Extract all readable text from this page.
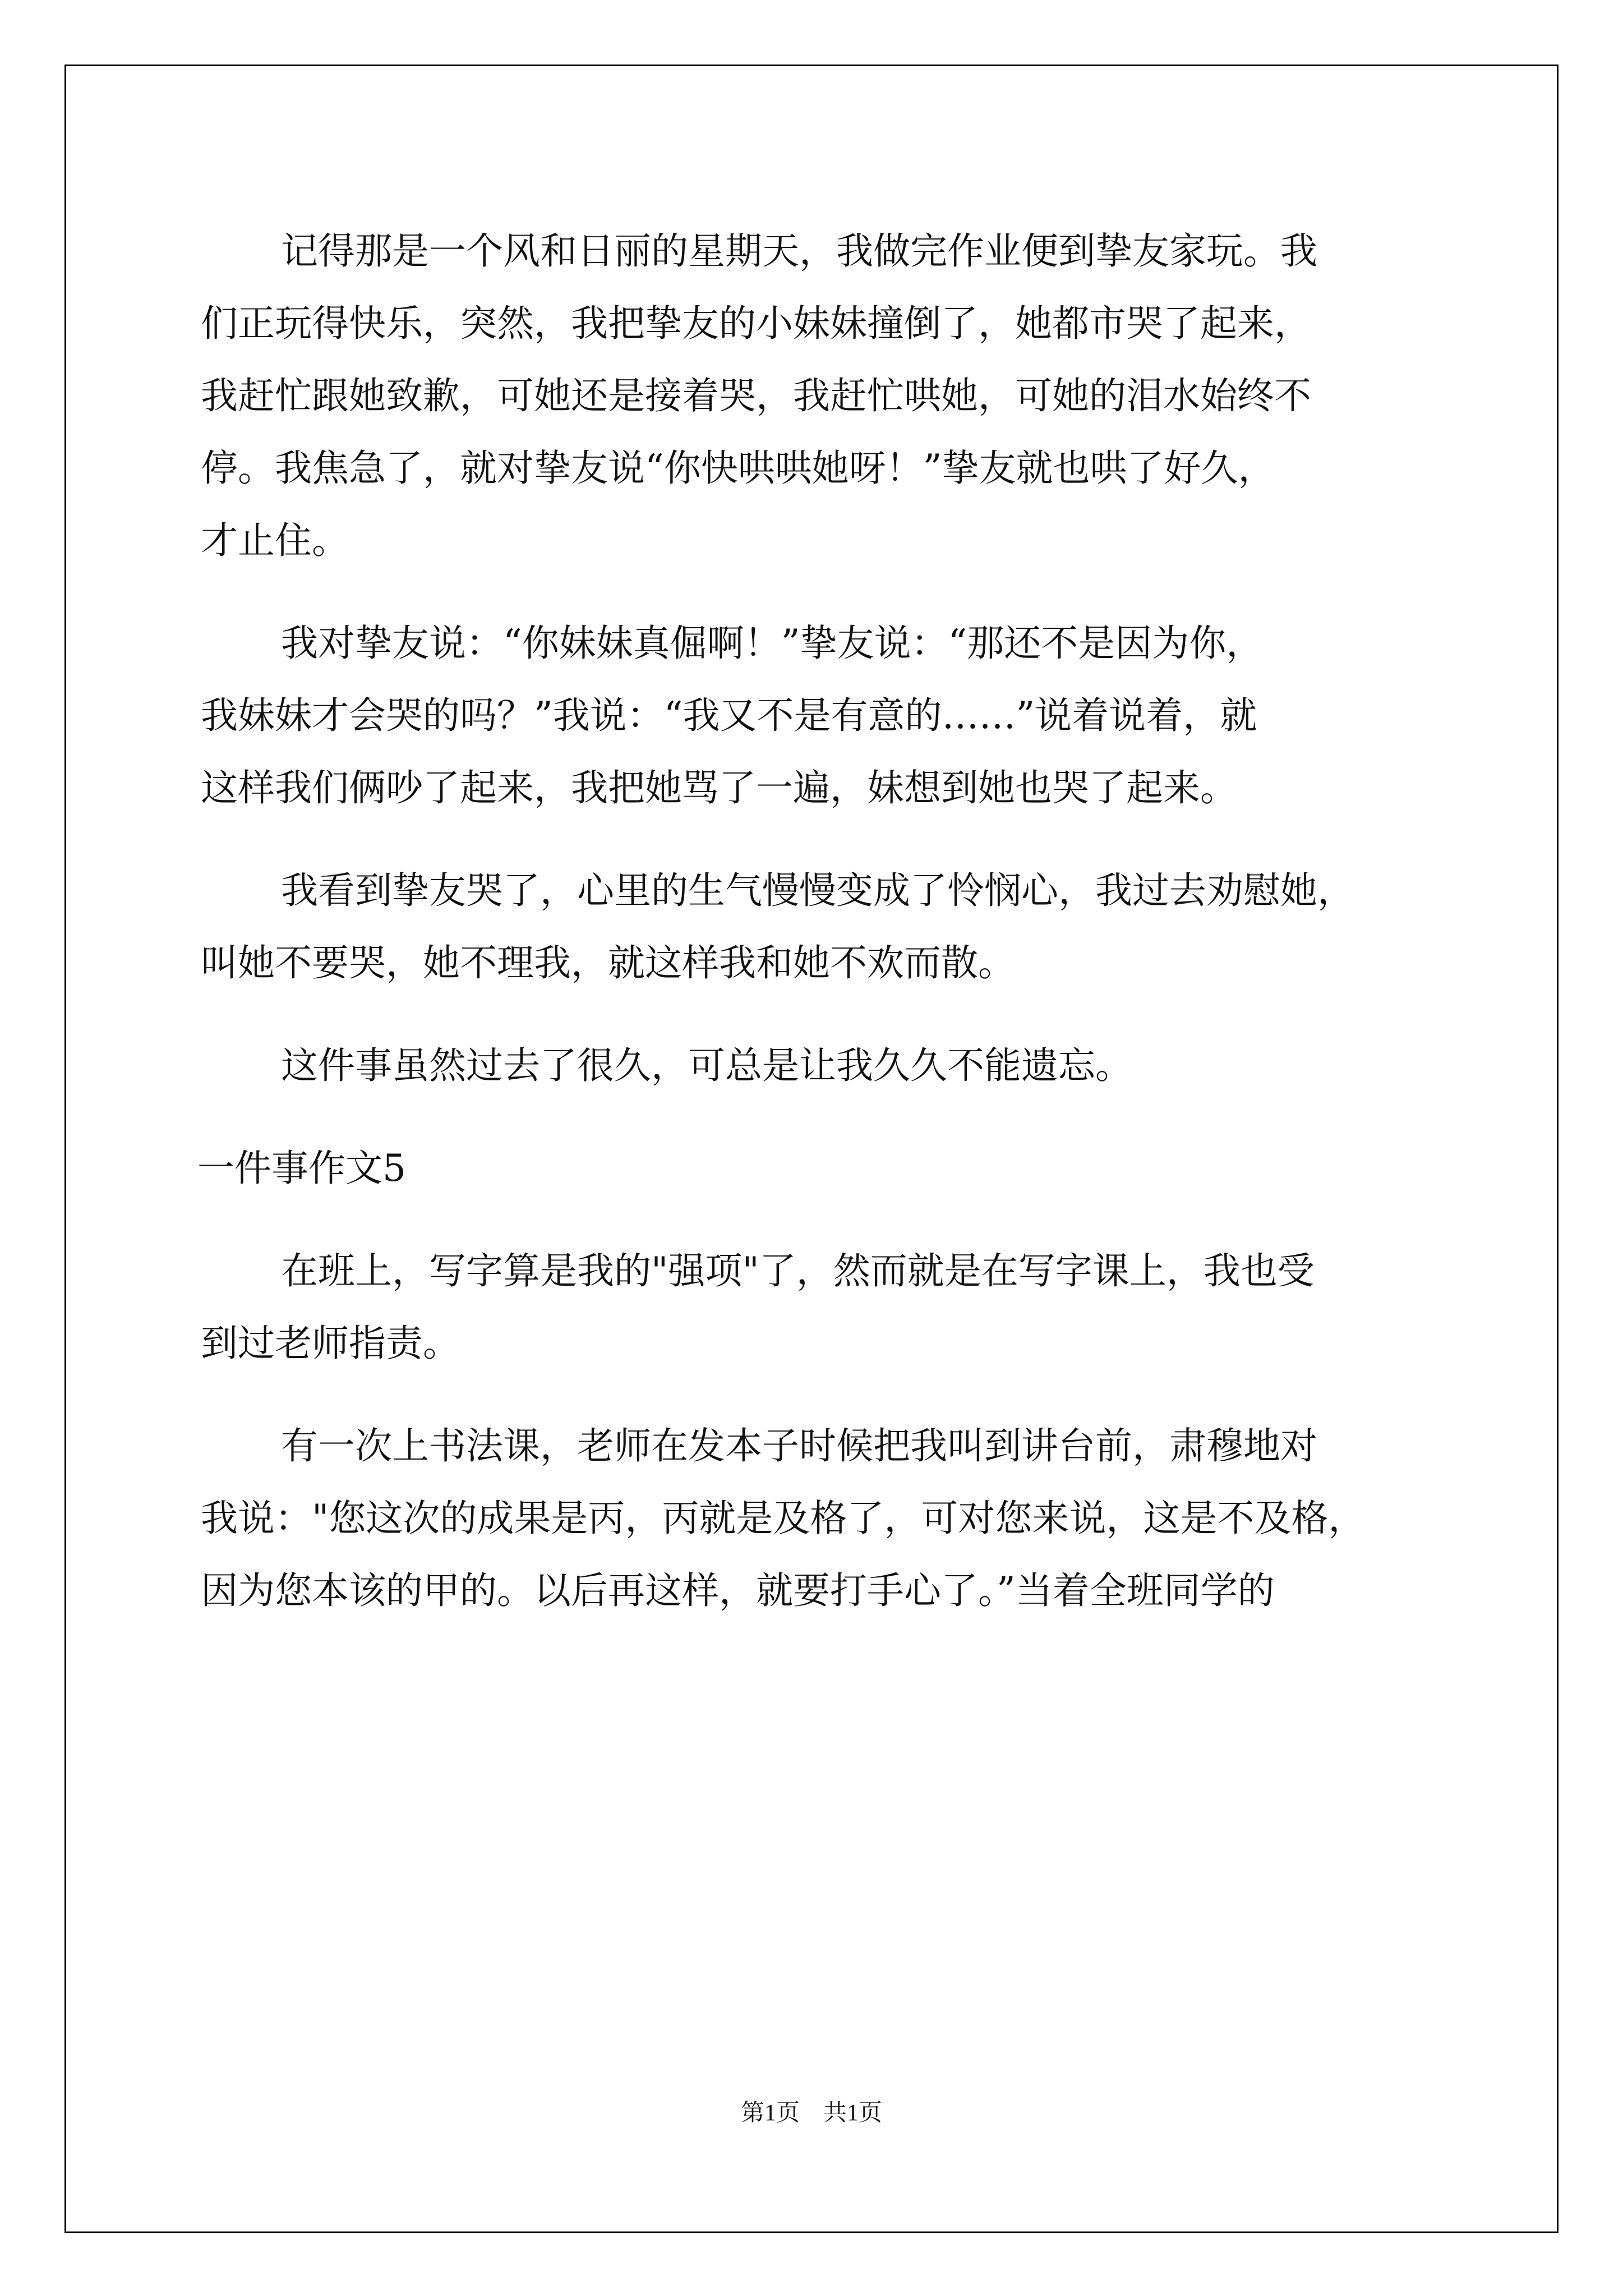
记得那是一个风和日丽的星期天，我做完作业便到挚友家玩。我
们正玩得快乐，突然，我把挚友的小妹妹撞倒了，她都市哭了起来，
我赶忙跟她致歉，可她还是接着哭，我赶忙哄她，可她的泪水始终不
停。我焦急了，就对挚友说“你快哄哄她呀！”挚友就也哄了好久，
才止住。

我对挚友说：“你妹妹真倔啊！”挚友说：“那还不是因为你，
我妹妹才会哭的吗？”我说：“我又不是有意的……”说着说着，就
这样我们俩吵了起来，我把她骂了一遍，妹想到她也哭了起来。

我看到挚友哭了，心里的生气慢慢变成了怜悯心，我过去劝慰她，
叫她不要哭，她不理我，就这样我和她不欢而散。

这件事虽然过去了很久，可总是让我久久不能遗忘。

一件事作文5

在班上，写字算是我的"强项"了，然而就是在写字课上，我也受
到过老师指责。

有一次上书法课，老师在发本子时候把我叫到讲台前，肃穆地对
我说："您这次的成果是丙，丙就是及格了，可对您来说，这是不及格，
因为您本该的甲的。以后再这样，就要打手心了。”当着全班同学的

第1页　共1页
